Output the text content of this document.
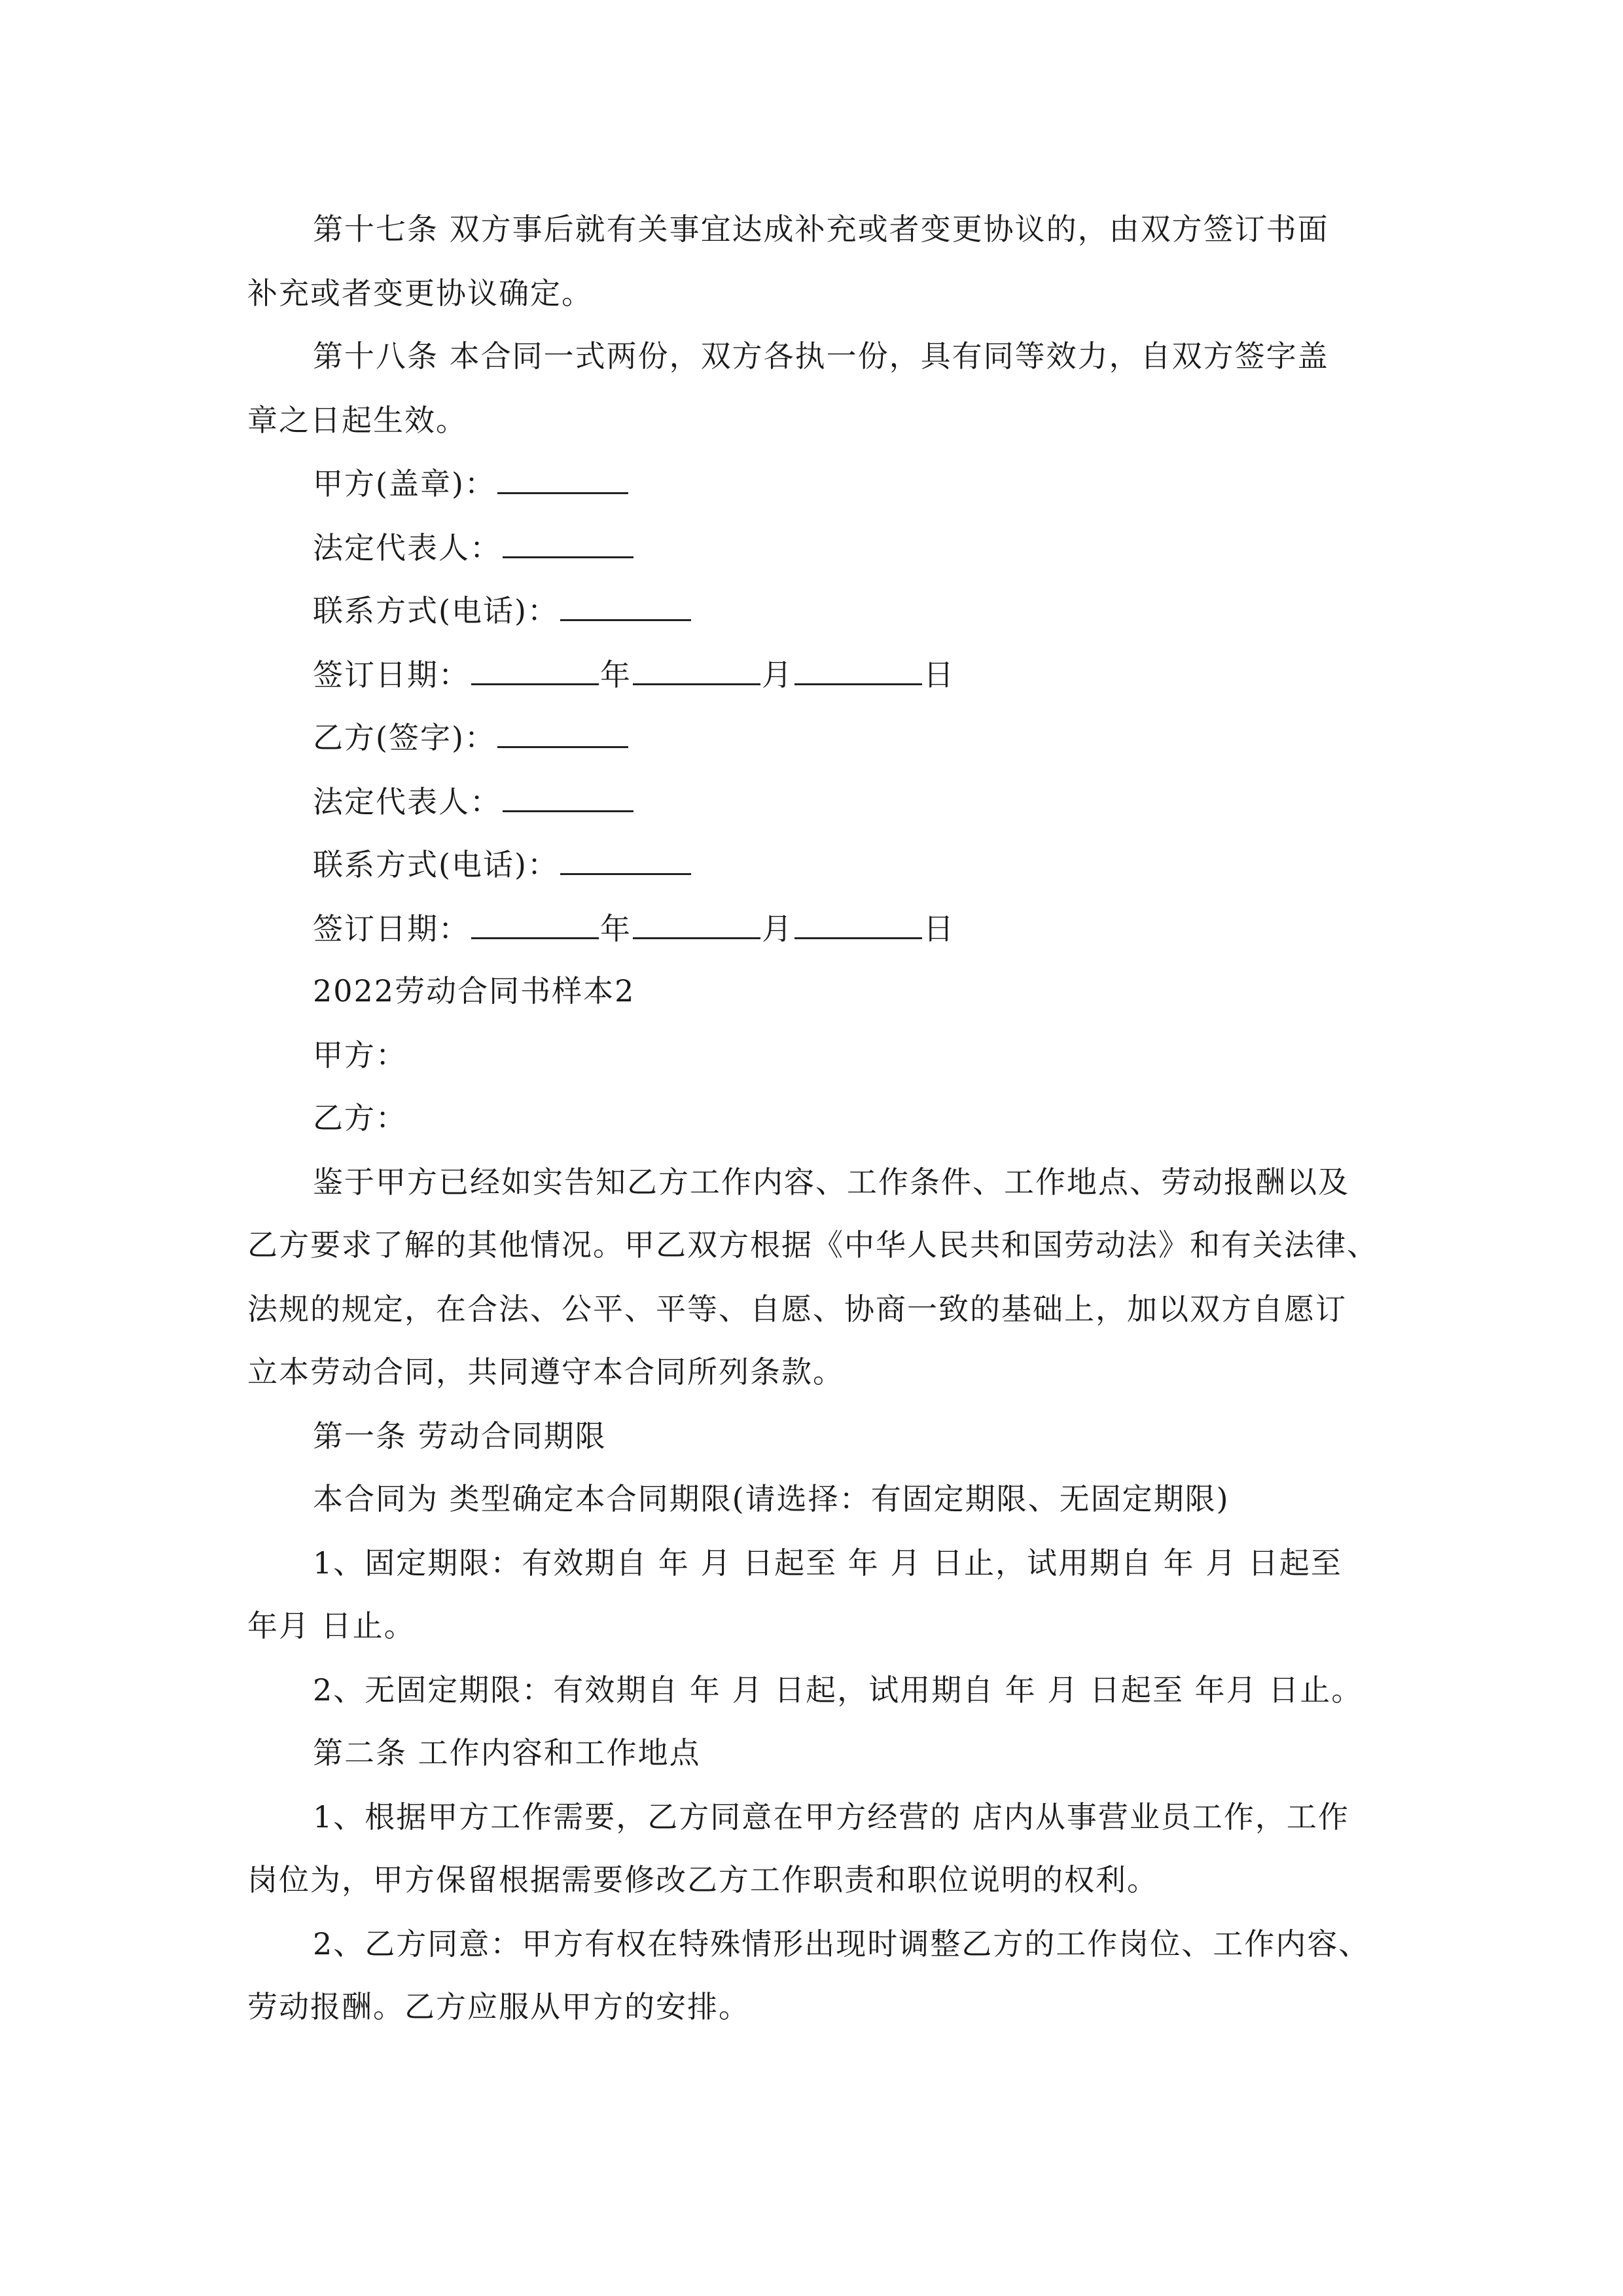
第十七条 双方事后就有关事宜达成补充或者变更协议的，由双方签订书面
补充或者变更协议确定。
第十八条 本合同一式两份，双方各执一份，具有同等效力，自双方签字盖
章之日起生效。
甲方(盖章)：
法定代表人：
联系方式(电话)：
签订日期：	年	月	日
乙方(签字)：
法定代表人：
联系方式(电话)：
签订日期：	年	月	日
2022劳动合同书样本2
甲方：
乙方：
鉴于甲方已经如实告知乙方工作内容、工作条件、工作地点、劳动报酬以及
乙方要求了解的其他情况。甲乙双方根据《中华人民共和国劳动法》和有关法律、
法规的规定，在合法、公平、平等、自愿、协商一致的基础上，加以双方自愿订
立本劳动合同，共同遵守本合同所列条款。
第一条 劳动合同期限
本合同为 类型确定本合同期限(请选择：有固定期限、无固定期限)
1、固定期限：有效期自 年 月 日起至 年 月 日止，试用期自 年 月 日起至
年月 日止。
2、无固定期限：有效期自 年 月 日起，试用期自 年 月 日起至 年月 日止。
第二条 工作内容和工作地点
1、根据甲方工作需要，乙方同意在甲方经营的 店内从事营业员工作，工作
岗位为，甲方保留根据需要修改乙方工作职责和职位说明的权利。
2、乙方同意：甲方有权在特殊情形出现时调整乙方的工作岗位、工作内容、
劳动报酬。乙方应服从甲方的安排。
